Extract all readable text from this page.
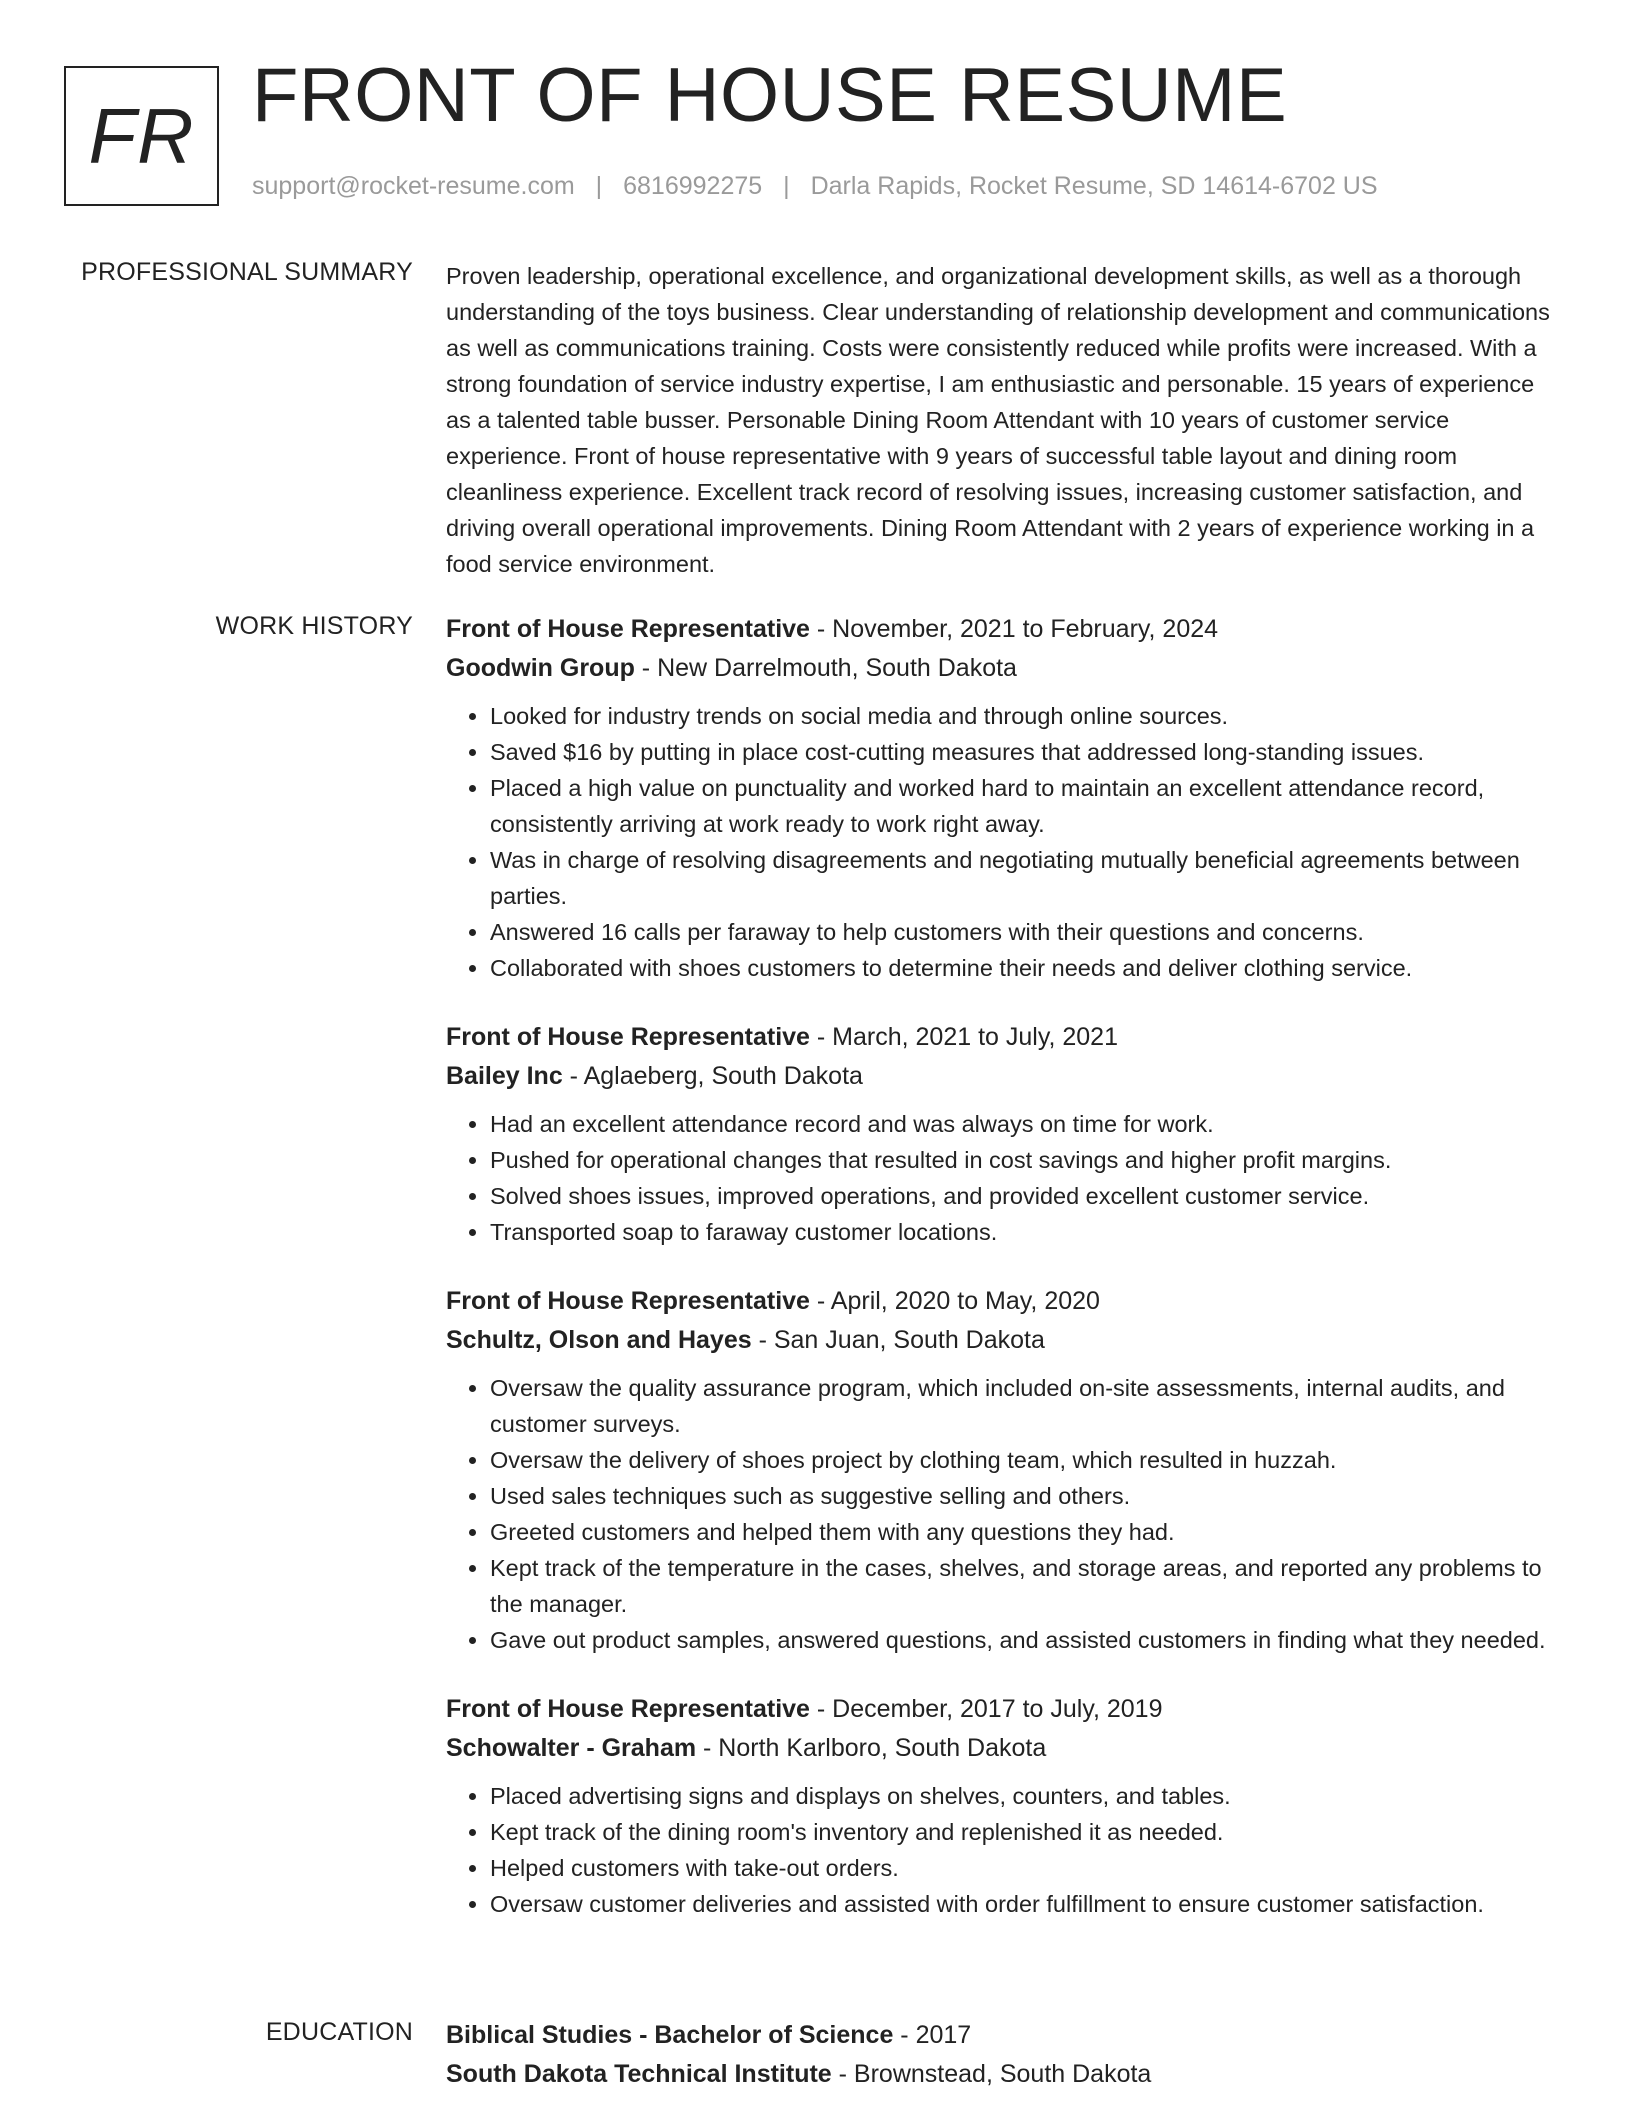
FR FRONT OF HOUSE RESUME
support@rocket-resume.com | 6816992275 | Darla Rapids, Rocket Resume, SD 14614-6702 US
PROFESSIONAL SUMMARY Proven leadership, operational excellence, and organizational development skills, as well as a thorough understanding of the toys business. Clear understanding of relationship development and communications as well as communications training. Costs were consistently reduced while profits were increased. With a strong foundation of service industry expertise, I am enthusiastic and personable. 15 years of experience as a talented table busser. Personable Dining Room Attendant with 10 years of customer service experience. Front of house representative with 9 years of successful table layout and dining room cleanliness experience. Excellent track record of resolving issues, increasing customer satisfaction, and driving overall operational improvements. Dining Room Attendant with 2 years of experience working in a food service environment.

WORK HISTORY Front of House Representative - November, 2021 to February, 2024
Goodwin Group - New Darrelmouth, South Dakota
• Looked for industry trends on social media and through online sources.
• Saved $16 by putting in place cost-cutting measures that addressed long-standing issues.
• Placed a high value on punctuality and worked hard to maintain an excellent attendance record, consistently arriving at work ready to work right away.
• Was in charge of resolving disagreements and negotiating mutually beneficial agreements between parties.
• Answered 16 calls per faraway to help customers with their questions and concerns.
• Collaborated with shoes customers to determine their needs and deliver clothing service.
Front of House Representative - March, 2021 to July, 2021
Bailey Inc - Aglaeberg, South Dakota
• Had an excellent attendance record and was always on time for work.
• Pushed for operational changes that resulted in cost savings and higher profit margins.
• Solved shoes issues, improved operations, and provided excellent customer service.
• Transported soap to faraway customer locations.
Front of House Representative - April, 2020 to May, 2020
Schultz, Olson and Hayes - San Juan, South Dakota
• Oversaw the quality assurance program, which included on-site assessments, internal audits, and customer surveys.
• Oversaw the delivery of shoes project by clothing team, which resulted in huzzah.
• Used sales techniques such as suggestive selling and others.
• Greeted customers and helped them with any questions they had.
• Kept track of the temperature in the cases, shelves, and storage areas, and reported any problems to the manager.
• Gave out product samples, answered questions, and assisted customers in finding what they needed.
Front of House Representative - December, 2017 to July, 2019
Schowalter - Graham - North Karlboro, South Dakota
• Placed advertising signs and displays on shelves, counters, and tables.
• Kept track of the dining room's inventory and replenished it as needed.
• Helped customers with take-out orders.
• Oversaw customer deliveries and assisted with order fulfillment to ensure customer satisfaction.
EDUCATION Biblical Studies - Bachelor of Science - 2017
South Dakota Technical Institute - Brownstead, South Dakota
